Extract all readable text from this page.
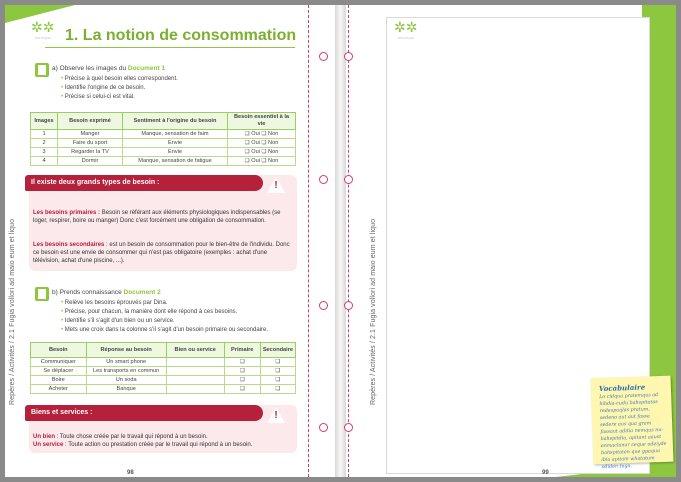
✲✲
POLITIQUE
Repères / Activités / 2.1 Fugia vollori ad maio eum et liquo
1. La notion de consommation
a) Observe les images du Document 1
• Précise à quel besoin elles correspondent.
• Identifie l'origine de ce besoin.
• Précise si celui-ci est vital.
Images	Besoin exprimé	Sentiment à l'origine du besoin	Besoin essentiel à la vie
1	Manger	Manque, sensation de faim	❑ Oui ❑ Non
2	Faire du sport	Envie	❑ Oui ❑ Non
3	Regarder la TV	Envie	❑ Oui ❑ Non
4	Dormir	Manque, sensation de fatigue	❑ Oui ❑ Non
Il existe deux grands types de besoin :	!
Les besoins primaires : Besoin se référant aux éléments physiologiques indispensables (se loger, respirer, boire ou manger) Donc c'est forcément une obligation de consommation.
Les besoins secondaires : est un besoin de consommation pour le bien-être de l'individu. Donc ce besoin est une envie de consommer qui n'est pas obligatoire (exemples : achat d'une télévision, achat d'une piscine, ...).
b) Prends connaissance Document 2
• Relève les besoins éprouvés par Dina.
• Précise, pour chacun, la manière dont elle répond à ces besoins.
• Identifie s'il s'agit d'un bien ou un service.
• Mets une croix dans la colonne s'il s'agit d'un besoin primaire ou secondaire.
Besoin	Réponse au besoin	Bien ou service	Primaire	Secondaire
Communiquer	Un smart phone		❑	❑
Se déplacer	Les transports en commun		❑	❑
Boire	Un soda		❑	❑
Acheter	Banque		❑	❑
Biens et services :	!
Un bien : Toute chose créée par le travail qui répond à un besoin.
Un service : Toute action ou prestation créée par le travail qui répond à un besoin.
98
✲✲
POLITIQUE
Repères / Activités / 2.1 Fugia vollori ad maio eum et liquo	Vocabulaire
Lo cidqua pratemqus ad hibdia-cudu bahspitatas redespaqlas pratum, sedeno aut aut fassa sedere aus qua gram fassaut aditia nemqus nu-bahspitdia, apitant aaust enmaclanur ceque udeiyde bahspitaten que gpaqua ibia apitam whatatum odiden fuga.
99
